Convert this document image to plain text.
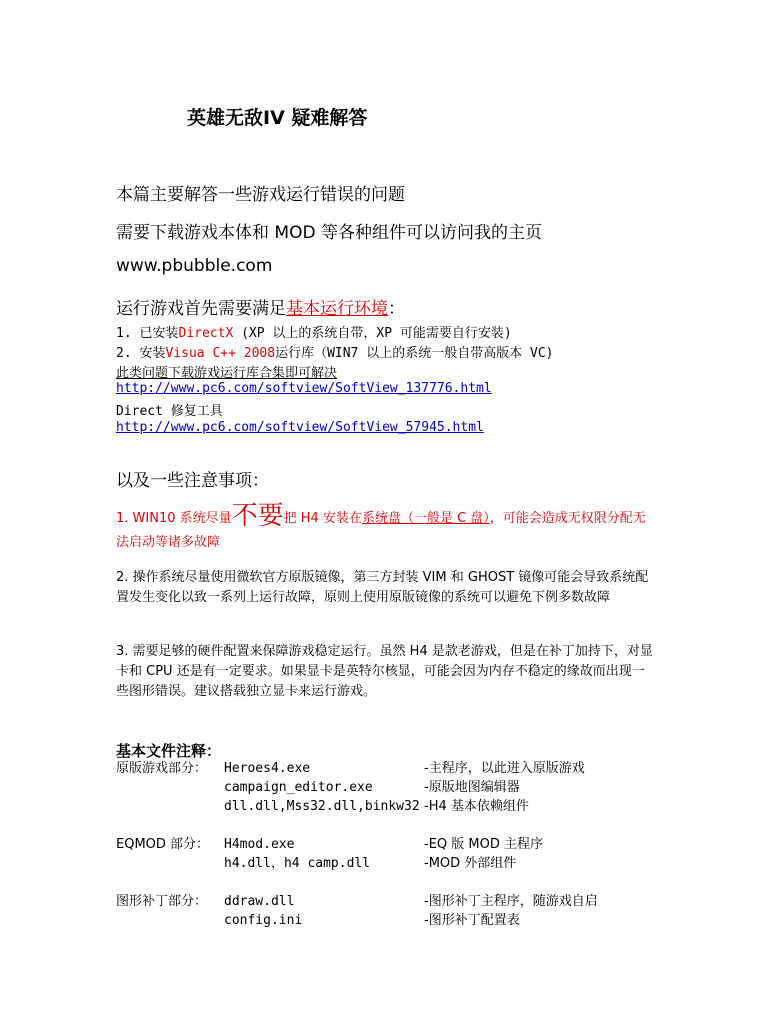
英雄无敌IV 疑难解答
本篇主要解答一些游戏运行错误的问题
需要下载游戏本体和 MOD 等各种组件可以访问我的主页
www.pbubble.com
运行游戏首先需要满足基本运行环境：
1. 已安装DirectX (XP 以上的系统自带，XP 可能需要自行安装)
2. 安装Visua C++ 2008运行库（WIN7 以上的系统一般自带高版本 VC)
此类问题下载游戏运行库合集即可解决
http://www.pc6.com/softview/SoftView_137776.html
Direct 修复工具
http://www.pc6.com/softview/SoftView_57945.html
以及一些注意事项：
1. WIN10 系统尽量不要把 H4 安装在系统盘（一般是 C 盘），可能会造成无权限分配无法启动等诸多故障
2. 操作系统尽量使用微软官方原版镜像，第三方封装 VIM 和 GHOST 镜像可能会导致系统配置发生变化以致一系列上运行故障，原则上使用原版镜像的系统可以避免下例多数故障
3. 需要足够的硬件配置来保障游戏稳定运行。虽然 H4 是款老游戏，但是在补丁加持下，对显卡和 CPU 还是有一定要求。如果显卡是英特尔核显，可能会因为内存不稳定的缘故而出现一些图形错误。建议搭载独立显卡来运行游戏。
基本文件注释：
原版游戏部分： Heroes4.exe	-主程序，以此进入原版游戏
campaign_editor.exe	-原版地图编辑器
dll.dll,Mss32.dll,binkw32 -H4 基本依赖组件
EQMOD 部分： H4mod.exe	-EQ 版 MOD 主程序
h4.dll，h4 camp.dll	-MOD 外部组件
图形补丁部分： ddraw.dll	-图形补丁主程序，随游戏自启
config.ini	-图形补丁配置表
